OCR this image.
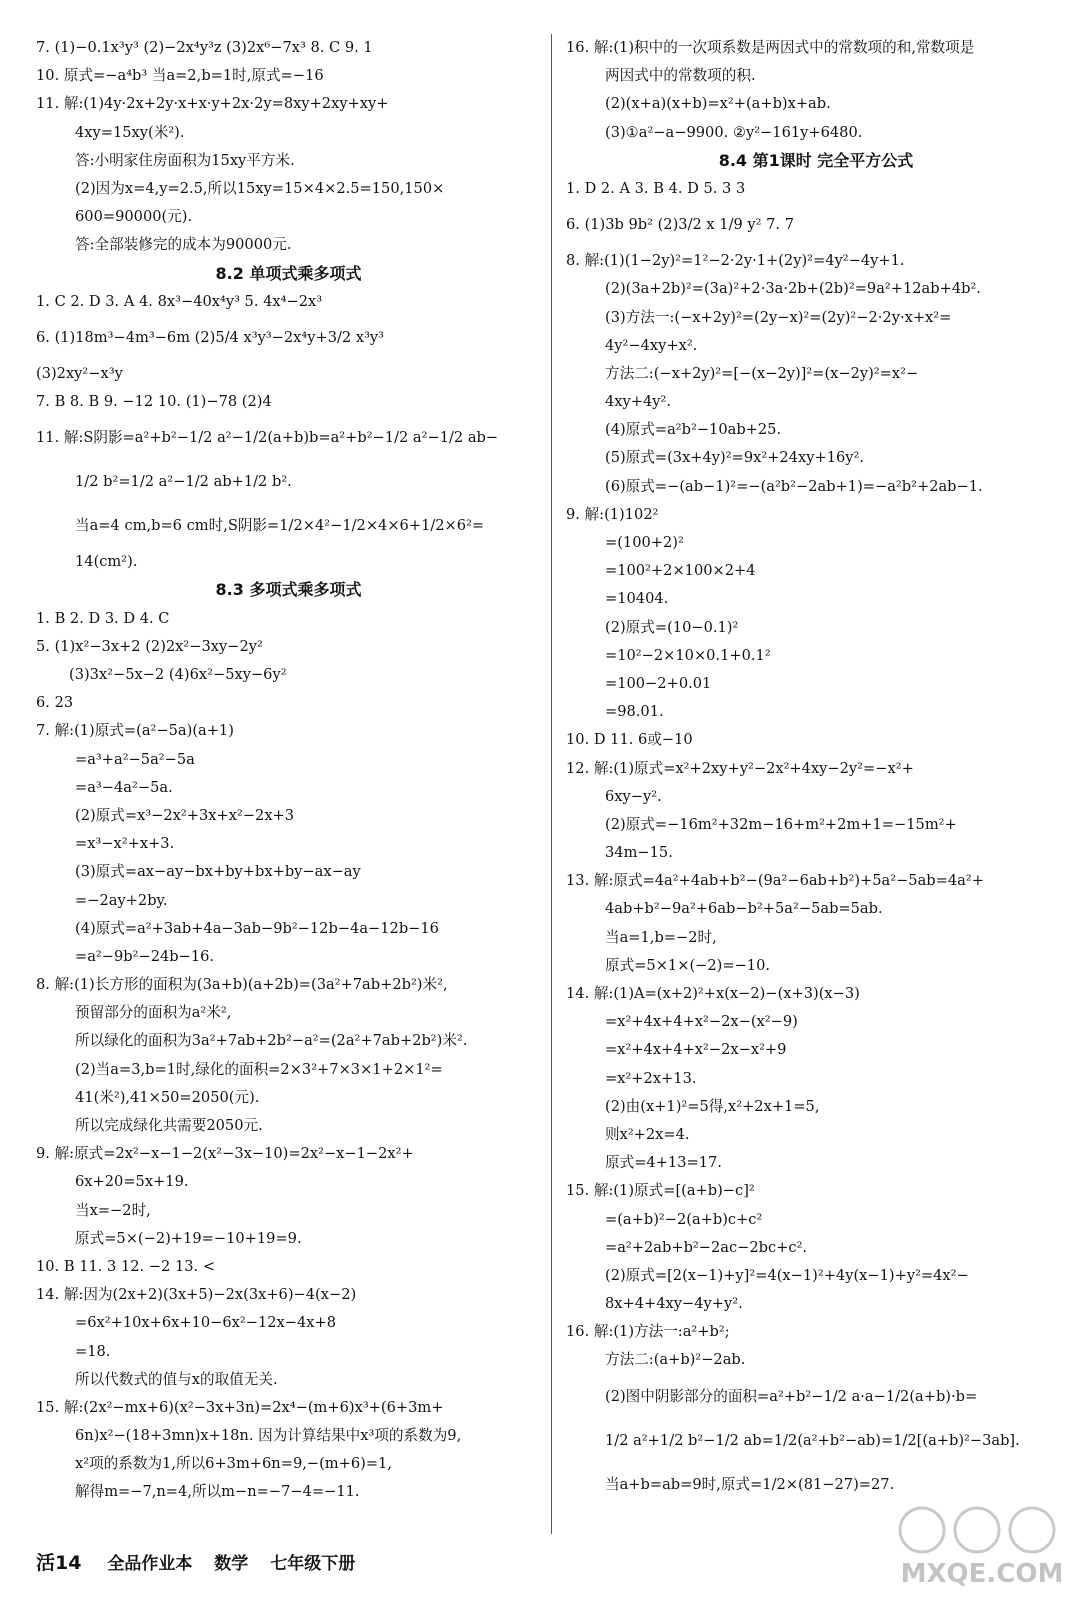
7. (1)−0.1x³y³ (2)−2x⁴y³z (3)2x⁶−7x³ 8. C 9. 1
10. 原式=−a⁴b³ 当a=2,b=1时,原式=−16
11. 解:(1)4y·2x+2y·x+x·y+2x·2y=8xy+2xy+xy+
4xy=15xy(米²).
答:小明家住房面积为15xy平方米.
(2)因为x=4,y=2.5,所以15xy=15×4×2.5=150,150×
600=90000(元).
答:全部装修完的成本为90000元.
8.2 单项式乘多项式
1. C 2. D 3. A 4. 8x³−40x⁴y³ 5. 4x⁴−2x³
6. (1)18m³−4m³−6m (2)5/4 x³y³−2x⁴y+3/2 x³y³
(3)2xy²−x³y
7. B 8. B 9. −12 10. (1)−78 (2)4
11. 解:S阴影=a²+b²−1/2 a²−1/2(a+b)b=a²+b²−1/2 a²−1/2 ab−
1/2 b²=1/2 a²−1/2 ab+1/2 b².
当a=4 cm,b=6 cm时,S阴影=1/2×4²−1/2×4×6+1/2×6²=
14(cm²).
8.3 多项式乘多项式
1. B 2. D 3. D 4. C
5. (1)x²−3x+2 (2)2x²−3xy−2y²
(3)3x²−5x−2 (4)6x²−5xy−6y²
6. 23
7. 解:(1)原式=(a²−5a)(a+1)
=a³+a²−5a²−5a
=a³−4a²−5a.
(2)原式=x³−2x²+3x+x²−2x+3
=x³−x²+x+3.
(3)原式=ax−ay−bx+by+bx+by−ax−ay
=−2ay+2by.
(4)原式=a²+3ab+4a−3ab−9b²−12b−4a−12b−16
=a²−9b²−24b−16.
8. 解:(1)长方形的面积为(3a+b)(a+2b)=(3a²+7ab+2b²)米²,
预留部分的面积为a²米²,
所以绿化的面积为3a²+7ab+2b²−a²=(2a²+7ab+2b²)米².
(2)当a=3,b=1时,绿化的面积=2×3²+7×3×1+2×1²=
41(米²),41×50=2050(元).
所以完成绿化共需要2050元.
9. 解:原式=2x²−x−1−2(x²−3x−10)=2x²−x−1−2x²+
6x+20=5x+19.
当x=−2时,
原式=5×(−2)+19=−10+19=9.
10. B 11. 3 12. −2 13. <
14. 解:因为(2x+2)(3x+5)−2x(3x+6)−4(x−2)
=6x²+10x+6x+10−6x²−12x−4x+8
=18.
所以代数式的值与x的取值无关.
15. 解:(2x²−mx+6)(x²−3x+3n)=2x⁴−(m+6)x³+(6+3m+
6n)x²−(18+3mn)x+18n. 因为计算结果中x³项的系数为9,
x²项的系数为1,所以6+3m+6n=9,−(m+6)=1,
解得m=−7,n=4,所以m−n=−7−4=−11.
16. 解:(1)积中的一次项系数是两因式中的常数项的和,常数项是
两因式中的常数项的积.
(2)(x+a)(x+b)=x²+(a+b)x+ab.
(3)①a²−a−9900. ②y²−161y+6480.
8.4 第1课时 完全平方公式
1. D 2. A 3. B 4. D 5. 3 3
6. (1)3b 9b² (2)3/2 x 1/9 y² 7. 7
8. 解:(1)(1−2y)²=1²−2·2y·1+(2y)²=4y²−4y+1.
(2)(3a+2b)²=(3a)²+2·3a·2b+(2b)²=9a²+12ab+4b².
(3)方法一:(−x+2y)²=(2y−x)²=(2y)²−2·2y·x+x²=
4y²−4xy+x².
方法二:(−x+2y)²=[−(x−2y)]²=(x−2y)²=x²−
4xy+4y².
(4)原式=a²b²−10ab+25.
(5)原式=(3x+4y)²=9x²+24xy+16y².
(6)原式=−(ab−1)²=−(a²b²−2ab+1)=−a²b²+2ab−1.
9. 解:(1)102²
=(100+2)²
=100²+2×100×2+4
=10404.
(2)原式=(10−0.1)²
=10²−2×10×0.1+0.1²
=100−2+0.01
=98.01.
10. D 11. 6或−10
12. 解:(1)原式=x²+2xy+y²−2x²+4xy−2y²=−x²+
6xy−y².
(2)原式=−16m²+32m−16+m²+2m+1=−15m²+
34m−15.
13. 解:原式=4a²+4ab+b²−(9a²−6ab+b²)+5a²−5ab=4a²+
4ab+b²−9a²+6ab−b²+5a²−5ab=5ab.
当a=1,b=−2时,
原式=5×1×(−2)=−10.
14. 解:(1)A=(x+2)²+x(x−2)−(x+3)(x−3)
=x²+4x+4+x²−2x−(x²−9)
=x²+4x+4+x²−2x−x²+9
=x²+2x+13.
(2)由(x+1)²=5得,x²+2x+1=5,
则x²+2x=4.
原式=4+13=17.
15. 解:(1)原式=[(a+b)−c]²
=(a+b)²−2(a+b)c+c²
=a²+2ab+b²−2ac−2bc+c².
(2)原式=[2(x−1)+y]²=4(x−1)²+4y(x−1)+y²=4x²−
8x+4+4xy−4y+y².
16. 解:(1)方法一:a²+b²;
方法二:(a+b)²−2ab.
(2)图中阴影部分的面积=a²+b²−1/2 a·a−1/2(a+b)·b=
1/2 a²+1/2 b²−1/2 ab=1/2(a²+b²−ab)=1/2[(a+b)²−3ab].
当a+b=ab=9时,原式=1/2×(81−27)=27.
活14 全品作业本 数学 七年级下册	MXQE.COM
